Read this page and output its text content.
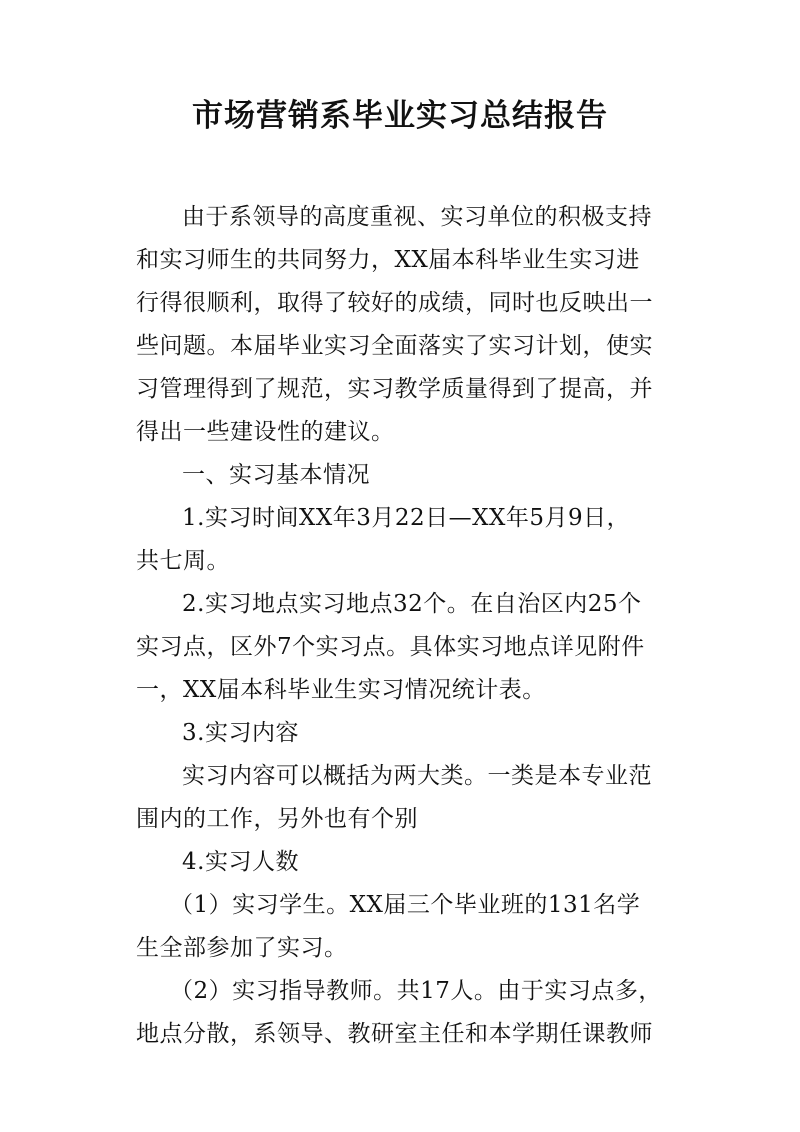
市场营销系毕业实习总结报告
由于系领导的高度重视、实习单位的积极支持
和实习师生的共同努力，XX届本科毕业生实习进
行得很顺利，取得了较好的成绩，同时也反映出一
些问题。本届毕业实习全面落实了实习计划，使实
习管理得到了规范，实习教学质量得到了提高，并
得出一些建设性的建议。
一、实习基本情况
1.实习时间XX年3月22日—XX年5月9日，
共七周。
2.实习地点实习地点32个。在自治区内25个
实习点，区外7个实习点。具体实习地点详见附件
一，XX届本科毕业生实习情况统计表。
3.实习内容
实习内容可以概括为两大类。一类是本专业范
围内的工作，另外也有个别
4.实习人数
（1）实习学生。XX届三个毕业班的131名学
生全部参加了实习。
（2）实习指导教师。共17人。由于实习点多，
地点分散，系领导、教研室主任和本学期任课教师
